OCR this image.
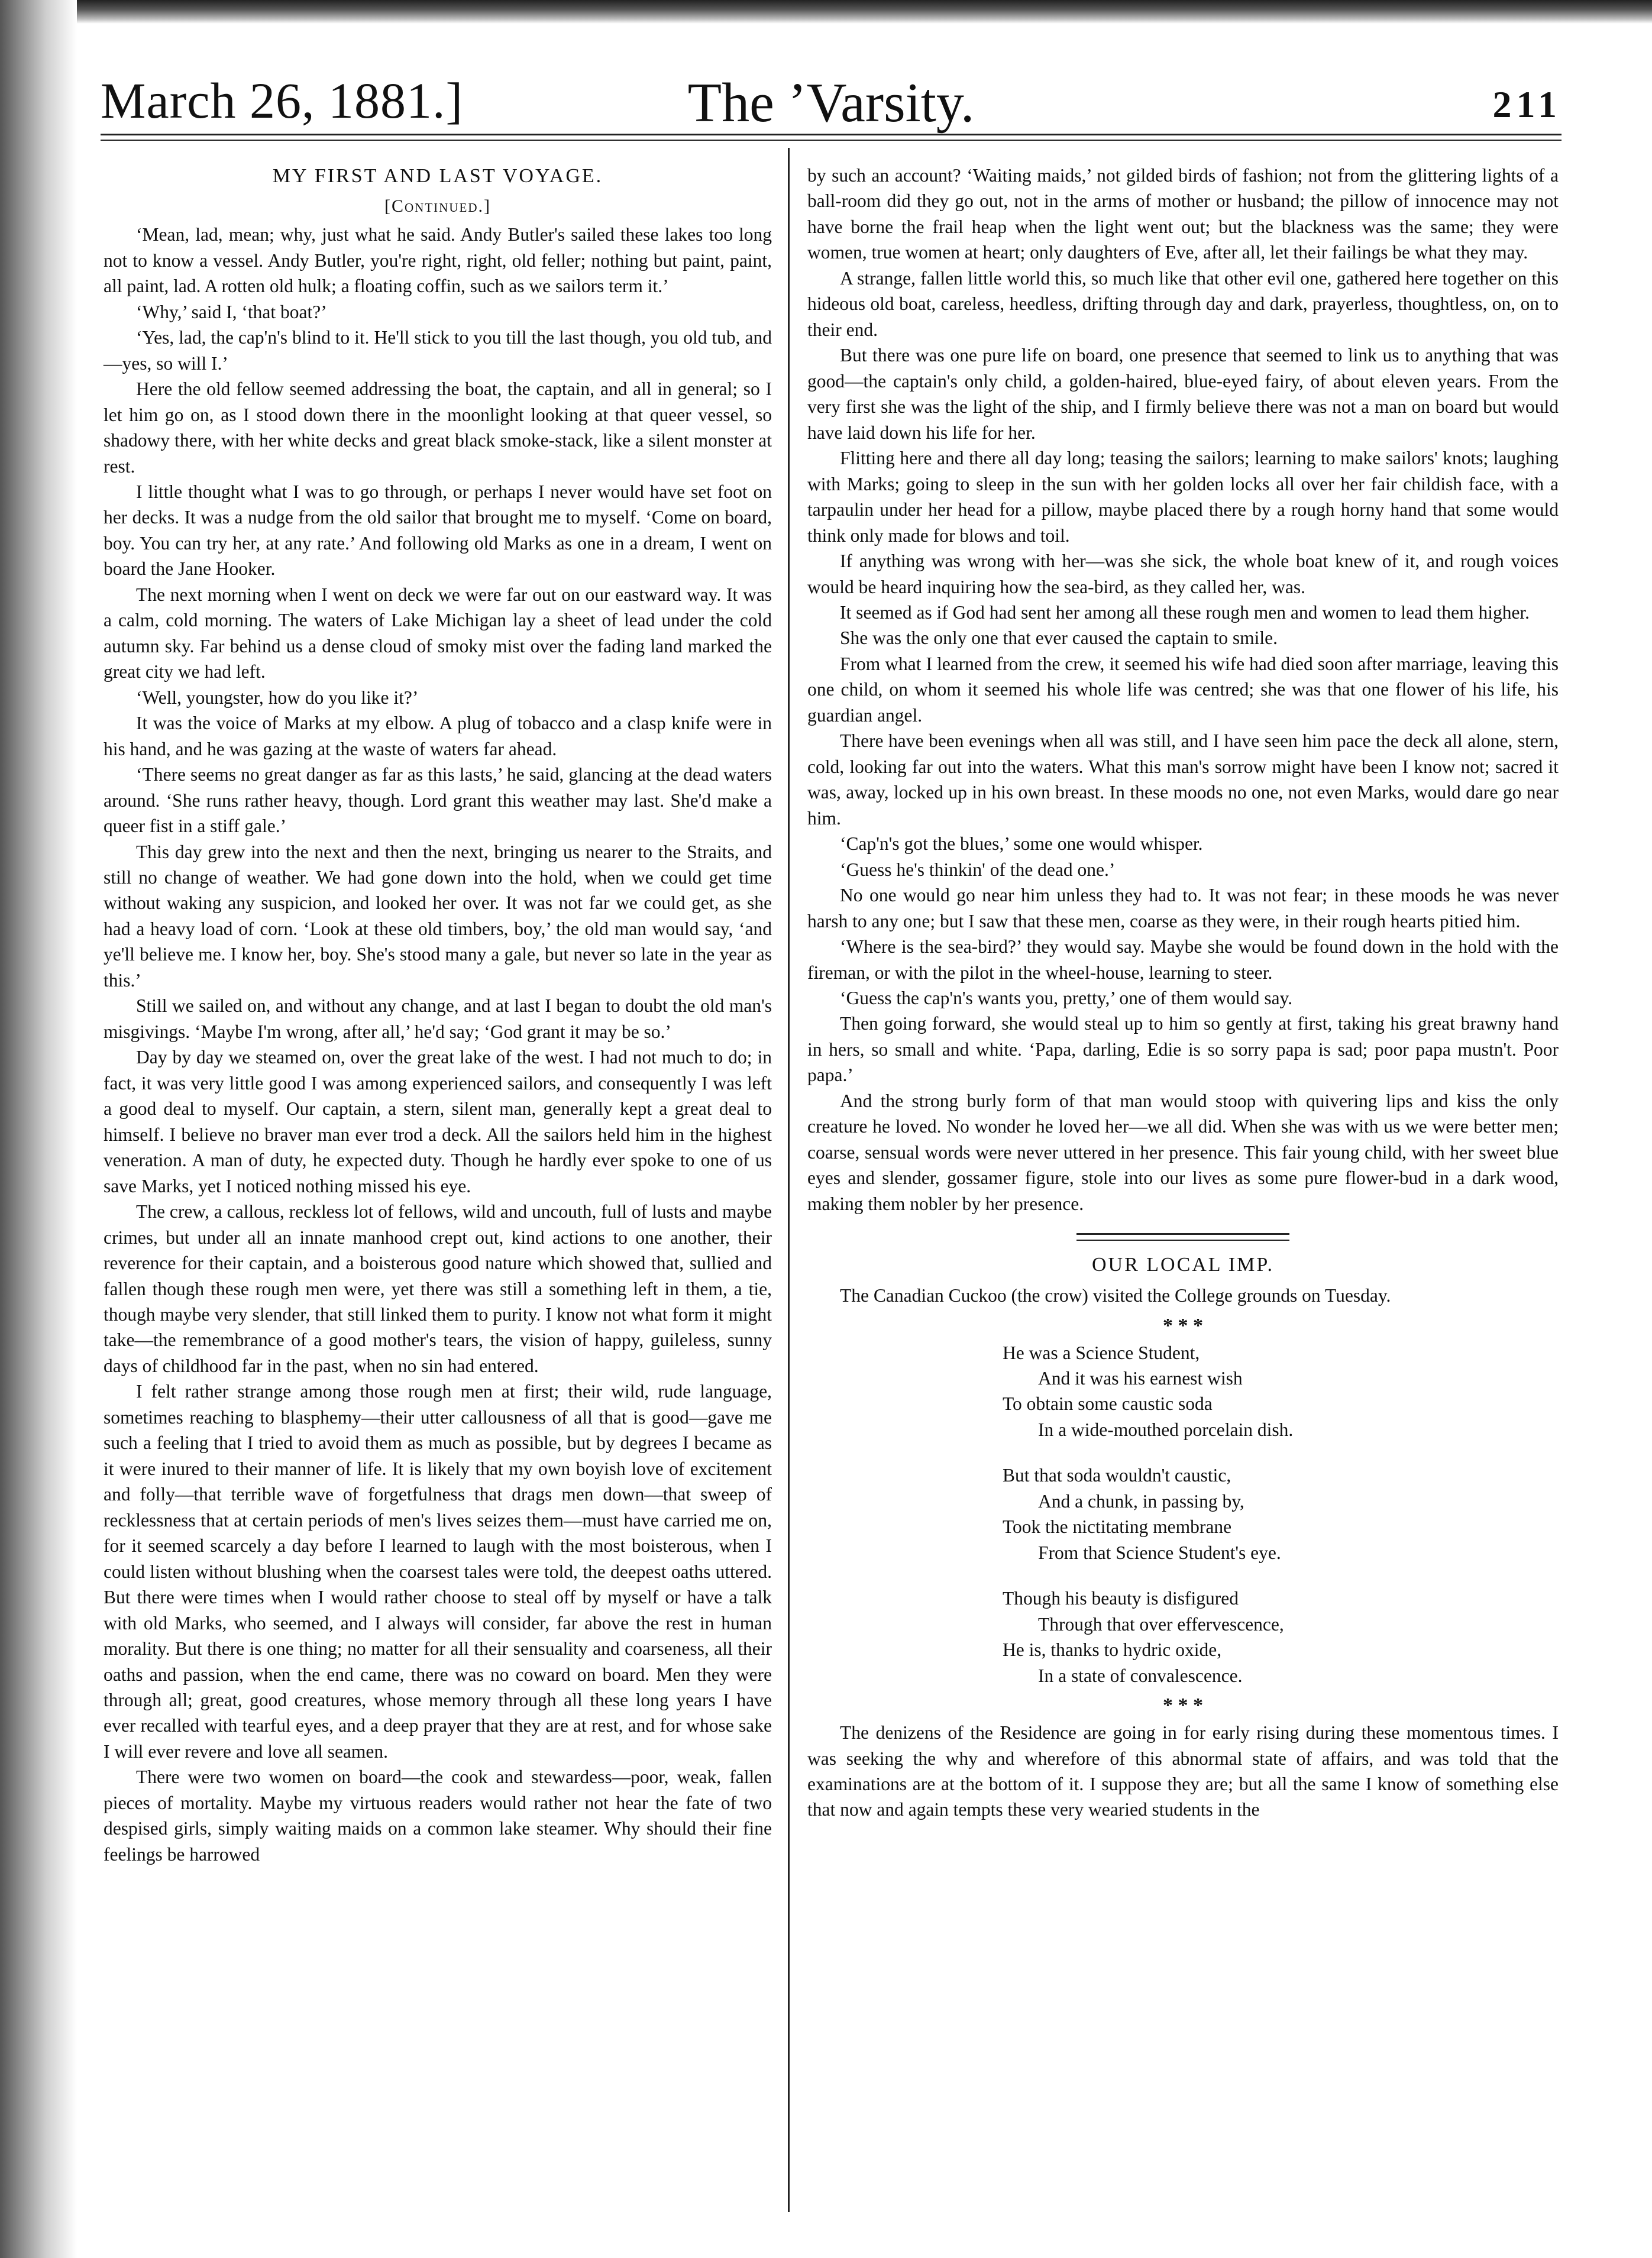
March 26, 1881.]	The ’Varsity.	211
MY FIRST AND LAST VOYAGE.
[Continued.]

‘Mean, lad, mean; why, just what he said. Andy Butler's sailed these lakes too long not to know a vessel. Andy Butler, you're right, right, old feller; nothing but paint, paint, all paint, lad. A rotten old hulk; a floating coffin, such as we sailors term it.’

‘Why,’ said I, ‘that boat?’

‘Yes, lad, the cap'n's blind to it. He'll stick to you till the last though, you old tub, and—yes, so will I.’

Here the old fellow seemed addressing the boat, the captain, and all in general; so I let him go on, as I stood down there in the moonlight looking at that queer vessel, so shadowy there, with her white decks and great black smoke-stack, like a silent monster at rest.

I little thought what I was to go through, or perhaps I never would have set foot on her decks. It was a nudge from the old sailor that brought me to myself. ‘Come on board, boy. You can try her, at any rate.’ And following old Marks as one in a dream, I went on board the Jane Hooker.

The next morning when I went on deck we were far out on our eastward way. It was a calm, cold morning. The waters of Lake Michigan lay a sheet of lead under the cold autumn sky. Far behind us a dense cloud of smoky mist over the fading land marked the great city we had left.

‘Well, youngster, how do you like it?’

It was the voice of Marks at my elbow. A plug of tobacco and a clasp knife were in his hand, and he was gazing at the waste of waters far ahead.

‘There seems no great danger as far as this lasts,’ he said, glancing at the dead waters around. ‘She runs rather heavy, though. Lord grant this weather may last. She'd make a queer fist in a stiff gale.’

This day grew into the next and then the next, bringing us nearer to the Straits, and still no change of weather. We had gone down into the hold, when we could get time without waking any suspicion, and looked her over. It was not far we could get, as she had a heavy load of corn. ‘Look at these old timbers, boy,’ the old man would say, ‘and ye'll believe me. I know her, boy. She's stood many a gale, but never so late in the year as this.’

Still we sailed on, and without any change, and at last I began to doubt the old man's misgivings. ‘Maybe I'm wrong, after all,’ he'd say; ‘God grant it may be so.’

Day by day we steamed on, over the great lake of the west. I had not much to do; in fact, it was very little good I was among experienced sailors, and consequently I was left a good deal to myself. Our captain, a stern, silent man, generally kept a great deal to himself. I believe no braver man ever trod a deck. All the sailors held him in the highest veneration. A man of duty, he expected duty. Though he hardly ever spoke to one of us save Marks, yet I noticed nothing missed his eye.

The crew, a callous, reckless lot of fellows, wild and uncouth, full of lusts and maybe crimes, but under all an innate manhood crept out, kind actions to one another, their reverence for their captain, and a boisterous good nature which showed that, sullied and fallen though these rough men were, yet there was still a something left in them, a tie, though maybe very slender, that still linked them to purity. I know not what form it might take—the remembrance of a good mother's tears, the vision of happy, guileless, sunny days of childhood far in the past, when no sin had entered.

I felt rather strange among those rough men at first; their wild, rude language, sometimes reaching to blasphemy—their utter callousness of all that is good—gave me such a feeling that I tried to avoid them as much as possible, but by degrees I became as it were inured to their manner of life. It is likely that my own boyish love of excitement and folly—that terrible wave of forgetfulness that drags men down—that sweep of recklessness that at certain periods of men's lives seizes them—must have carried me on, for it seemed scarcely a day before I learned to laugh with the most boisterous, when I could listen without blushing when the coarsest tales were told, the deepest oaths uttered. But there were times when I would rather choose to steal off by myself or have a talk with old Marks, who seemed, and I always will consider, far above the rest in human morality. But there is one thing; no matter for all their sensuality and coarseness, all their oaths and passion, when the end came, there was no coward on board. Men they were through all; great, good creatures, whose memory through all these long years I have ever recalled with tearful eyes, and a deep prayer that they are at rest, and for whose sake I will ever revere and love all seamen.

There were two women on board—the cook and stewardess—poor, weak, fallen pieces of mortality. Maybe my virtuous readers would rather not hear the fate of two despised girls, simply waiting maids on a common lake steamer. Why should their fine feelings be harrowed

by such an account? ‘Waiting maids,’ not gilded birds of fashion; not from the glittering lights of a ball-room did they go out, not in the arms of mother or husband; the pillow of innocence may not have borne the frail heap when the light went out; but the blackness was the same; they were women, true women at heart; only daughters of Eve, after all, let their failings be what they may.

A strange, fallen little world this, so much like that other evil one, gathered here together on this hideous old boat, careless, heedless, drifting through day and dark, prayerless, thoughtless, on, on to their end.

But there was one pure life on board, one presence that seemed to link us to anything that was good—the captain's only child, a golden-haired, blue-eyed fairy, of about eleven years. From the very first she was the light of the ship, and I firmly believe there was not a man on board but would have laid down his life for her.

Flitting here and there all day long; teasing the sailors; learning to make sailors' knots; laughing with Marks; going to sleep in the sun with her golden locks all over her fair childish face, with a tarpaulin under her head for a pillow, maybe placed there by a rough horny hand that some would think only made for blows and toil.

If anything was wrong with her—was she sick, the whole boat knew of it, and rough voices would be heard inquiring how the sea-bird, as they called her, was.

It seemed as if God had sent her among all these rough men and women to lead them higher.

She was the only one that ever caused the captain to smile.

From what I learned from the crew, it seemed his wife had died soon after marriage, leaving this one child, on whom it seemed his whole life was centred; she was that one flower of his life, his guardian angel.

There have been evenings when all was still, and I have seen him pace the deck all alone, stern, cold, looking far out into the waters. What this man's sorrow might have been I know not; sacred it was, away, locked up in his own breast. In these moods no one, not even Marks, would dare go near him.

‘Cap'n's got the blues,’ some one would whisper.

‘Guess he's thinkin' of the dead one.’

No one would go near him unless they had to. It was not fear; in these moods he was never harsh to any one; but I saw that these men, coarse as they were, in their rough hearts pitied him.

‘Where is the sea-bird?’ they would say. Maybe she would be found down in the hold with the fireman, or with the pilot in the wheel-house, learning to steer.

‘Guess the cap'n's wants you, pretty,’ one of them would say.

Then going forward, she would steal up to him so gently at first, taking his great brawny hand in hers, so small and white. ‘Papa, darling, Edie is so sorry papa is sad; poor papa mustn't. Poor papa.’

And the strong burly form of that man would stoop with quivering lips and kiss the only creature he loved. No wonder he loved her—we all did. When she was with us we were better men; coarse, sensual words were never uttered in her presence. This fair young child, with her sweet blue eyes and slender, gossamer figure, stole into our lives as some pure flower-bud in a dark wood, making them nobler by her presence.

OUR LOCAL IMP.

The Canadian Cuckoo (the crow) visited the College grounds on Tuesday.

* * *

He was a Science Student,

And it was his earnest wish

To obtain some caustic soda

In a wide-mouthed porcelain dish.

But that soda wouldn't caustic,

And a chunk, in passing by,

Took the nictitating membrane

From that Science Student's eye.

Though his beauty is disfigured

Through that over effervescence,

He is, thanks to hydric oxide,

In a state of convalescence.

* * *

The denizens of the Residence are going in for early rising during these momentous times. I was seeking the why and wherefore of this abnormal state of affairs, and was told that the examinations are at the bottom of it. I suppose they are; but all the same I know of something else that now and again tempts these very wearied students in the
